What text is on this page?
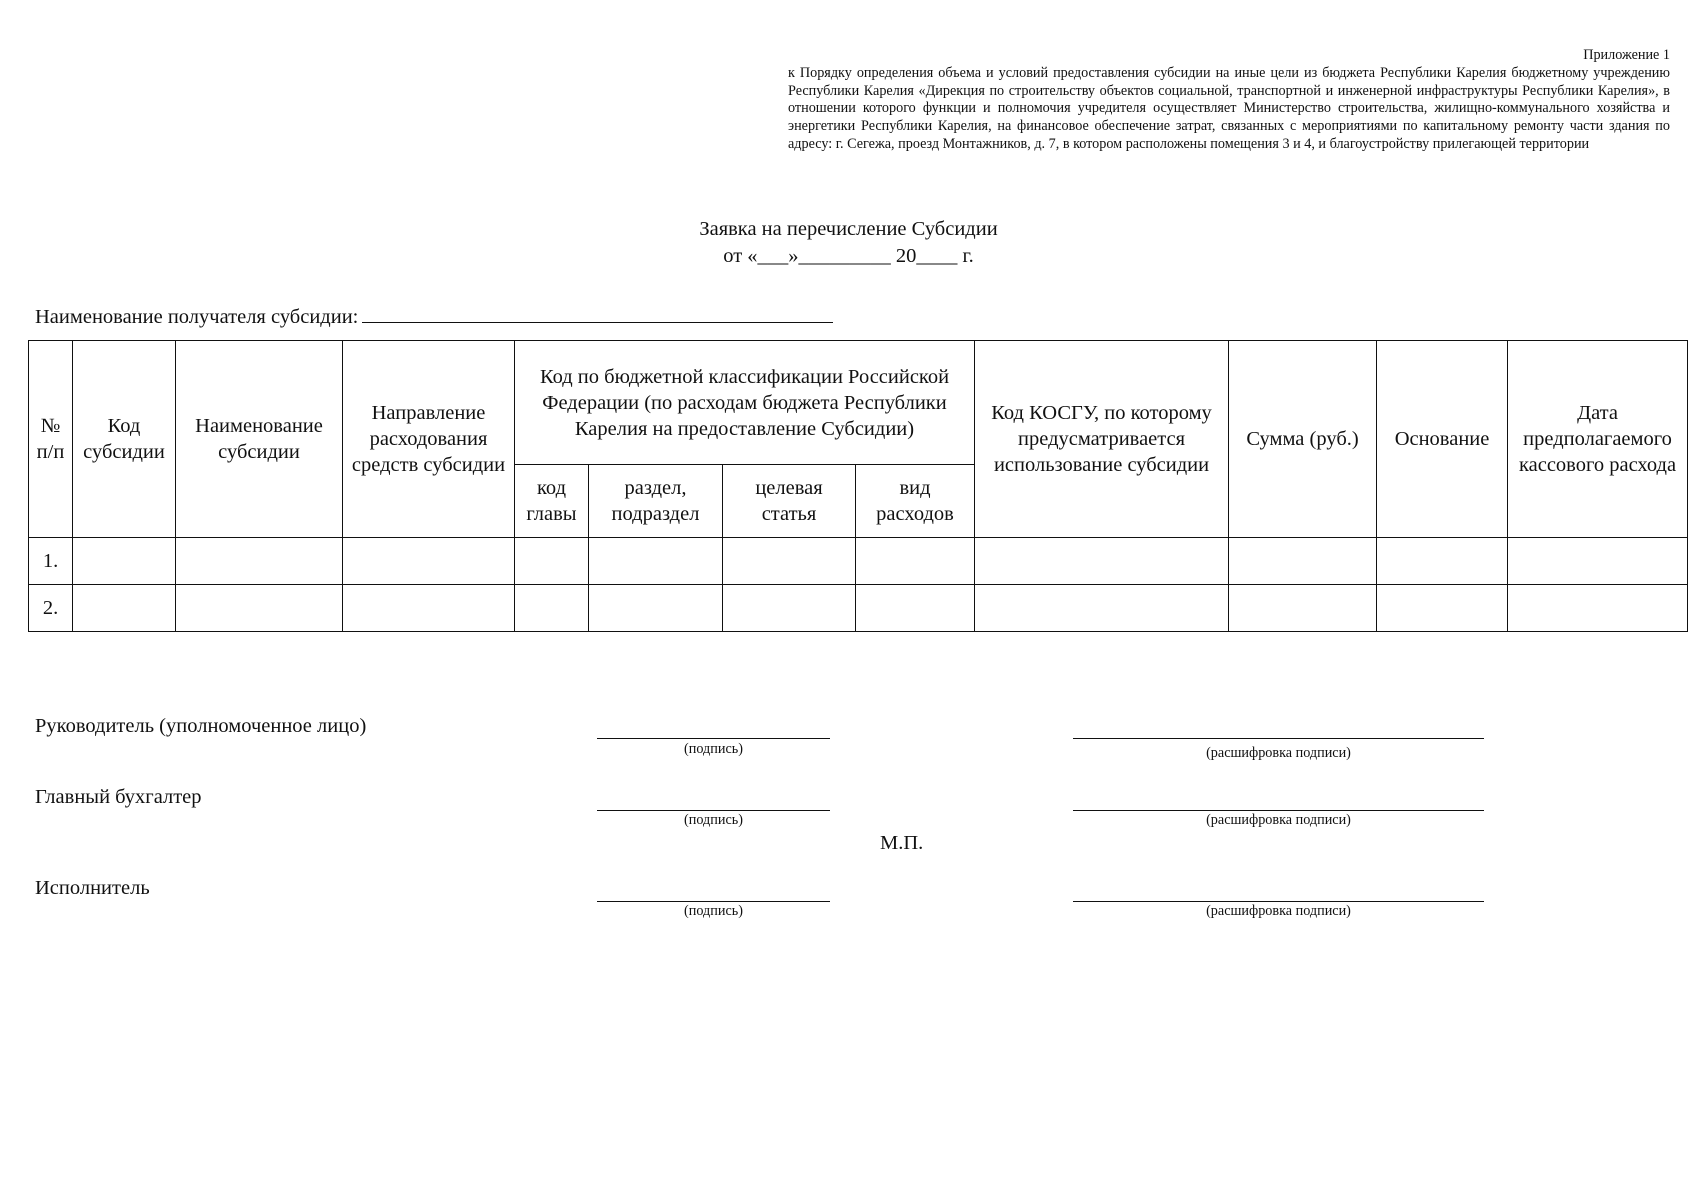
Приложение 1
к Порядку определения объема и условий предоставления субсидии на иные цели из бюджета Республики Карелия бюджетному учреждению Республики Карелия «Дирекция по строительству объектов социальной, транспортной и инженерной инфраструктуры Республики Карелия», в отношении которого функции и полномочия учредителя осуществляет Министерство строительства, жилищно-коммунального хозяйства и энергетики Республики Карелия, на финансовое обеспечение затрат, связанных с мероприятиями по капитальному ремонту части здания по адресу: г. Сегежа, проезд Монтажников, д. 7, в котором расположены помещения 3 и 4, и благоустройству прилегающей территории
Заявка на перечисление Субсидии
от «___»_________ 20____ г.
Наименование получателя субсидии:
№ п/п	Код субсидии	Наименование субсидии	Направление расходования средств субсидии	Код по бюджетной классификации Российской Федерации (по расходам бюджета Республики Карелия на предоставление Субсидии)				Код КОСГУ, по которому предусматривается использование субсидии	Сумма (руб.)	Основание	Дата предполагаемого кассового расхода
				код главы	раздел, подраздел	целевая статья	вид расходов				
1.											
2.											
Руководитель (уполномоченное лицо)
(подпись)	(расшифровка подписи)
Главный бухгалтер
(подпись)	(расшифровка подписи)
М.П.
Исполнитель
(подпись)	(расшифровка подписи)
